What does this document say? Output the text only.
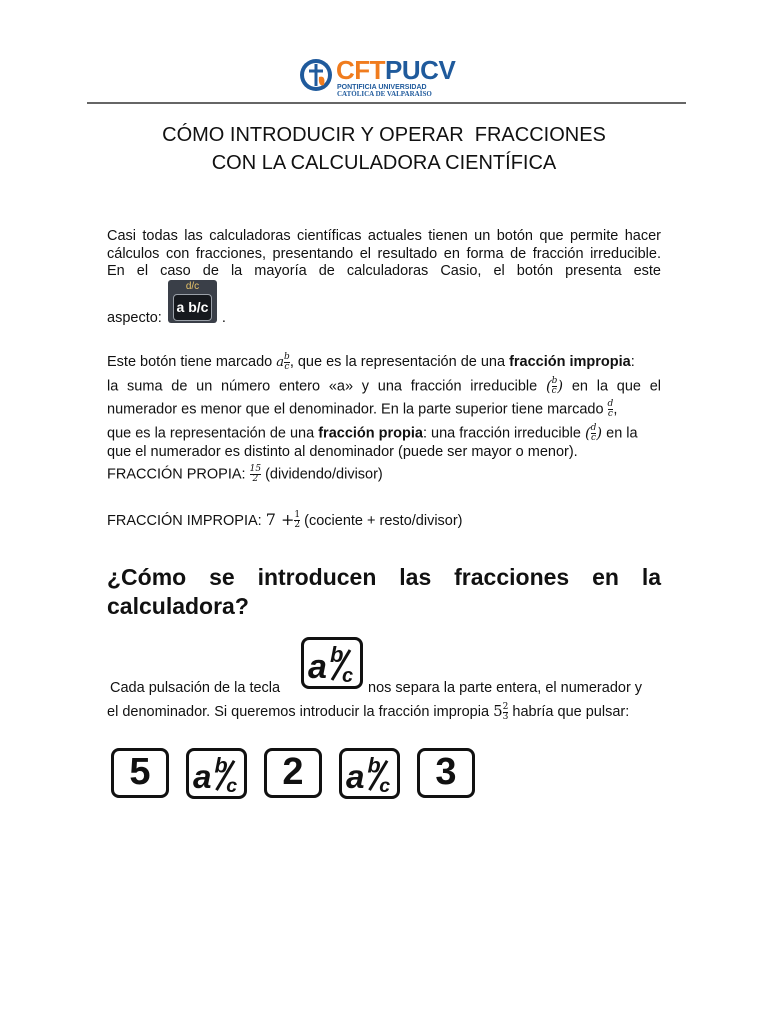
CFTPUCV
PONTIFICIA UNIVERSIDAD
CATÓLICA DE VALPARAÍSO
CÓMO INTRODUCIR Y OPERAR  FRACCIONES
CON LA CALCULADORA CIENTÍFICA
Casi todas las calculadoras científicas actuales tienen un botón que permite hacer
cálculos con fracciones, presentando el resultado en forma de fracción irreducible.
En el caso de la mayoría de calculadoras Casio, el botón presenta este
aspecto:	.
d/c
a b/c
Este botón tiene marcado a $\frac{b}{c}$ , que es la representación de una fracción impropia:
la suma de un número entero «a» y una fracción irreducible ( $\frac{b}{c}$ ) en la que el
numerador es menor que el denominador. En la parte superior tiene marcado $\frac{d}{c}$ ,
que es la representación de una fracción propia: una fracción irreducible ( $\frac{d}{c}$ ) en la
que el numerador es distinto al denominador (puede ser mayor o menor).
FRACCIÓN PROPIA: $\frac{15}{2}$ (dividendo/divisor)
FRACCIÓN IMPROPIA: $7 + \frac{1}{2}$ (cociente + resto/divisor)
¿Cómo se introducen las fracciones en la
calculadora?
a b
c
Cada pulsación de la tecla	nos separa la parte entera, el numerador y
el denominador. Si queremos introducir la fracción impropia $5 \frac{2}{3}$ habría que pulsar:
5	a b
c	2	a b
c	3
